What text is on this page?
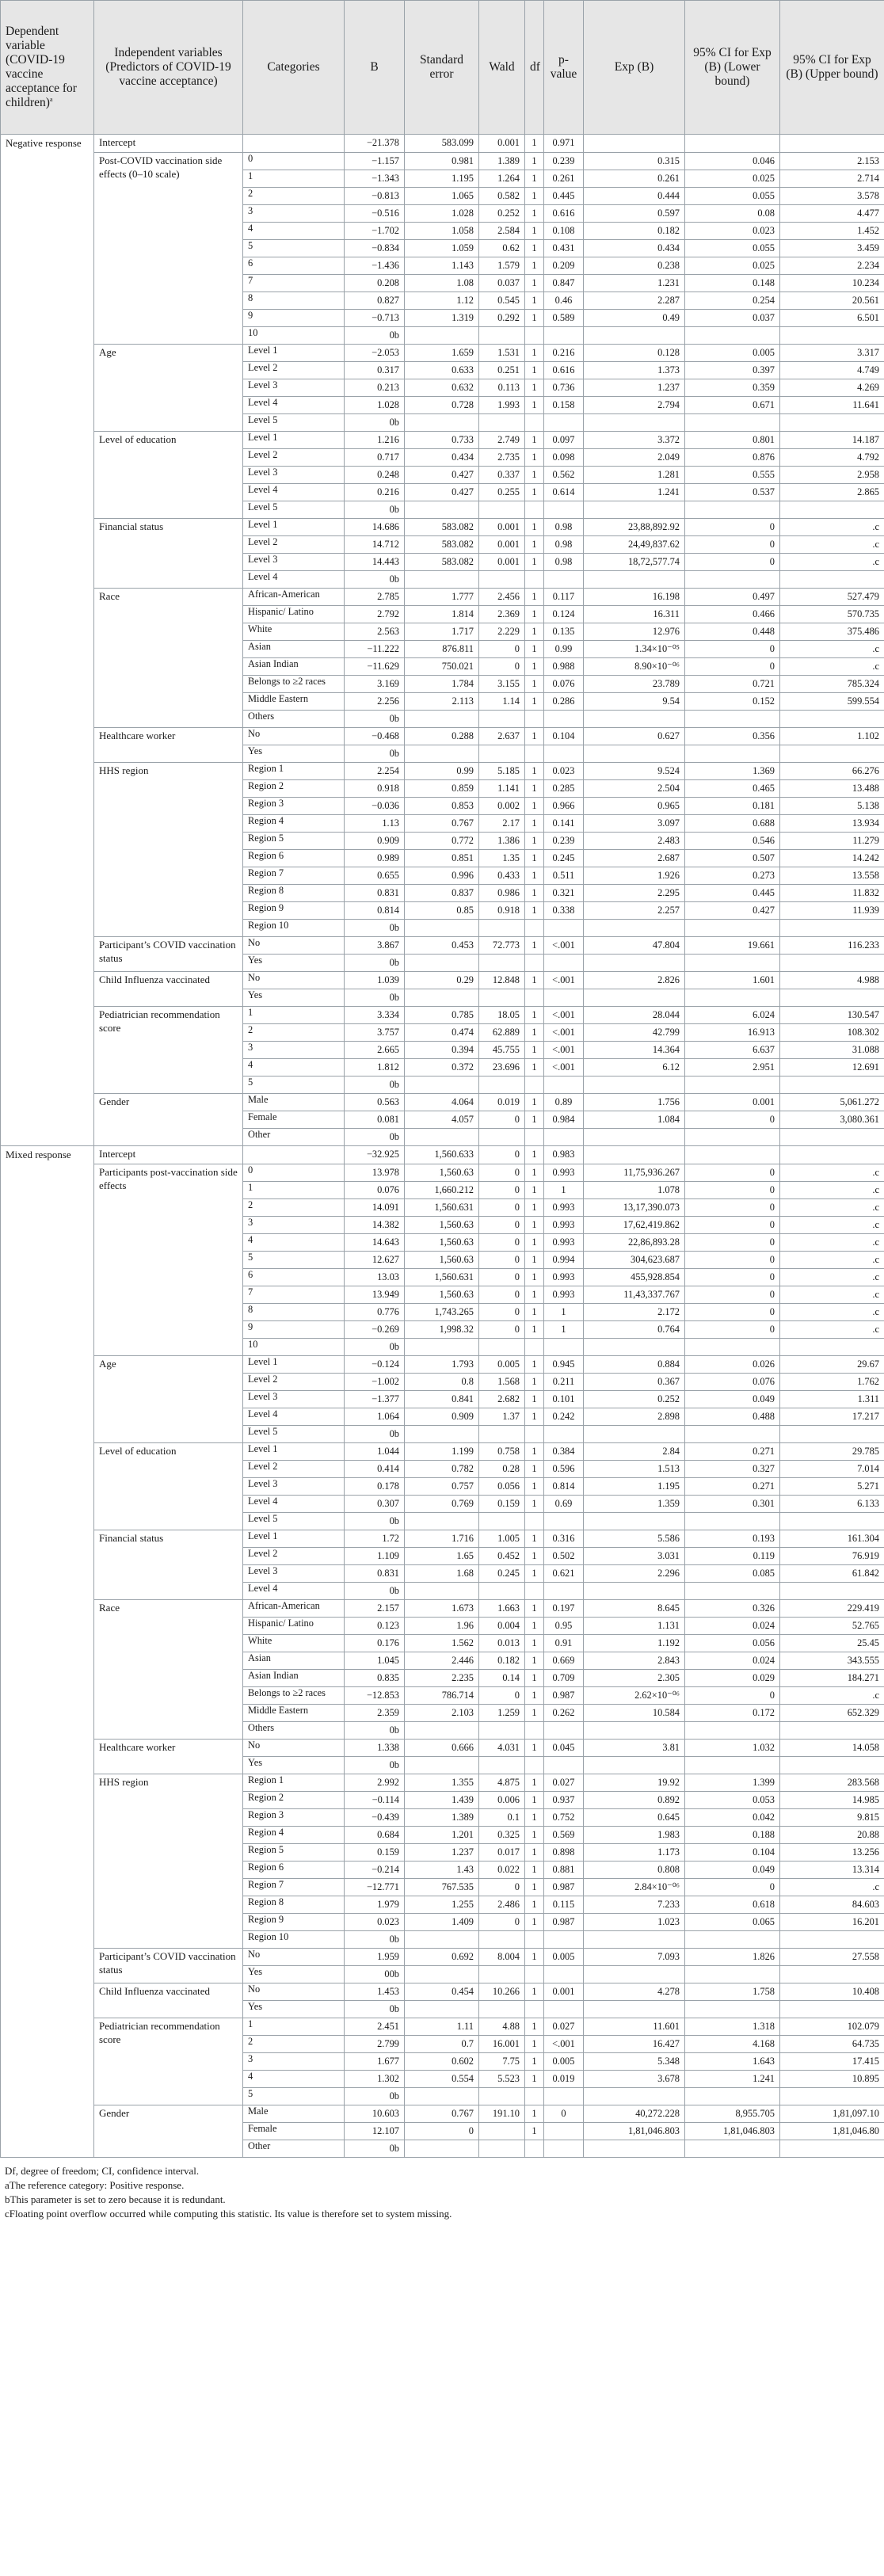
Dependent variable (COVID-19 vaccine acceptance for children)$^a$	Independent variables (Predictors of COVID-19 vaccine acceptance)	Categories	B	Standard error	Wald	df	p-value	Exp (B)	95% CI for Exp (B) (Lower bound)	95% CI for Exp (B) (Upper bound)
Negative response	Intercept		−21.378	583.099	0.001	1	0.971			
	Post-COVID vaccination side effects (0–10 scale)	0	−1.157	0.981	1.389	1	0.239	0.315	0.046	2.153
		1	−1.343	1.195	1.264	1	0.261	0.261	0.025	2.714
		2	−0.813	1.065	0.582	1	0.445	0.444	0.055	3.578
		3	−0.516	1.028	0.252	1	0.616	0.597	0.08	4.477
		4	−1.702	1.058	2.584	1	0.108	0.182	0.023	1.452
		5	−0.834	1.059	0.62	1	0.431	0.434	0.055	3.459
		6	−1.436	1.143	1.579	1	0.209	0.238	0.025	2.234
		7	0.208	1.08	0.037	1	0.847	1.231	0.148	10.234
		8	0.827	1.12	0.545	1	0.46	2.287	0.254	20.561
		9	−0.713	1.319	0.292	1	0.589	0.49	0.037	6.501
		10	0b							
	Age	Level 1	−2.053	1.659	1.531	1	0.216	0.128	0.005	3.317
		Level 2	0.317	0.633	0.251	1	0.616	1.373	0.397	4.749
		Level 3	0.213	0.632	0.113	1	0.736	1.237	0.359	4.269
		Level 4	1.028	0.728	1.993	1	0.158	2.794	0.671	11.641
		Level 5	0b							
	Level of education	Level 1	1.216	0.733	2.749	1	0.097	3.372	0.801	14.187
		Level 2	0.717	0.434	2.735	1	0.098	2.049	0.876	4.792
		Level 3	0.248	0.427	0.337	1	0.562	1.281	0.555	2.958
		Level 4	0.216	0.427	0.255	1	0.614	1.241	0.537	2.865
		Level 5	0b							
	Financial status	Level 1	14.686	583.082	0.001	1	0.98	23,88,892.92	0	.c
		Level 2	14.712	583.082	0.001	1	0.98	24,49,837.62	0	.c
		Level 3	14.443	583.082	0.001	1	0.98	18,72,577.74	0	.c
		Level 4	0b							
	Race	African-American	2.785	1.777	2.456	1	0.117	16.198	0.497	527.479
		Hispanic/ Latino	2.792	1.814	2.369	1	0.124	16.311	0.466	570.735
		White	2.563	1.717	2.229	1	0.135	12.976	0.448	375.486
		Asian	−11.222	876.811	0	1	0.99	1.34×10⁻⁰⁵	0	.c
		Asian Indian	−11.629	750.021	0	1	0.988	8.90×10⁻⁰⁶	0	.c
		Belongs to ≥2 races	3.169	1.784	3.155	1	0.076	23.789	0.721	785.324
		Middle Eastern	2.256	2.113	1.14	1	0.286	9.54	0.152	599.554
		Others	0b							
	Healthcare worker	No	−0.468	0.288	2.637	1	0.104	0.627	0.356	1.102
		Yes	0b							
	HHS region	Region 1	2.254	0.99	5.185	1	0.023	9.524	1.369	66.276
		Region 2	0.918	0.859	1.141	1	0.285	2.504	0.465	13.488
		Region 3	−0.036	0.853	0.002	1	0.966	0.965	0.181	5.138
		Region 4	1.13	0.767	2.17	1	0.141	3.097	0.688	13.934
		Region 5	0.909	0.772	1.386	1	0.239	2.483	0.546	11.279
		Region 6	0.989	0.851	1.35	1	0.245	2.687	0.507	14.242
		Region 7	0.655	0.996	0.433	1	0.511	1.926	0.273	13.558
		Region 8	0.831	0.837	0.986	1	0.321	2.295	0.445	11.832
		Region 9	0.814	0.85	0.918	1	0.338	2.257	0.427	11.939
		Region 10	0b							
	Participant’s COVID vaccination status	No	3.867	0.453	72.773	1	<.001	47.804	19.661	116.233
		Yes	0b							
	Child Influenza vaccinated	No	1.039	0.29	12.848	1	<.001	2.826	1.601	4.988
		Yes	0b							
	Pediatrician recommendation score	1	3.334	0.785	18.05	1	<.001	28.044	6.024	130.547
		2	3.757	0.474	62.889	1	<.001	42.799	16.913	108.302
		3	2.665	0.394	45.755	1	<.001	14.364	6.637	31.088
		4	1.812	0.372	23.696	1	<.001	6.12	2.951	12.691
		5	0b							
	Gender	Male	0.563	4.064	0.019	1	0.89	1.756	0.001	5,061.272
		Female	0.081	4.057	0	1	0.984	1.084	0	3,080.361
		Other	0b							
Mixed response	Intercept		−32.925	1,560.633	0	1	0.983			
	Participants post-vaccination side effects	0	13.978	1,560.63	0	1	0.993	11,75,936.267	0	.c
		1	0.076	1,660.212	0	1	1	1.078	0	.c
		2	14.091	1,560.631	0	1	0.993	13,17,390.073	0	.c
		3	14.382	1,560.63	0	1	0.993	17,62,419.862	0	.c
		4	14.643	1,560.63	0	1	0.993	22,86,893.28	0	.c
		5	12.627	1,560.63	0	1	0.994	304,623.687	0	.c
		6	13.03	1,560.631	0	1	0.993	455,928.854	0	.c
		7	13.949	1,560.63	0	1	0.993	11,43,337.767	0	.c
		8	0.776	1,743.265	0	1	1	2.172	0	.c
		9	−0.269	1,998.32	0	1	1	0.764	0	.c
		10	0b							
	Age	Level 1	−0.124	1.793	0.005	1	0.945	0.884	0.026	29.67
		Level 2	−1.002	0.8	1.568	1	0.211	0.367	0.076	1.762
		Level 3	−1.377	0.841	2.682	1	0.101	0.252	0.049	1.311
		Level 4	1.064	0.909	1.37	1	0.242	2.898	0.488	17.217
		Level 5	0b							
	Level of education	Level 1	1.044	1.199	0.758	1	0.384	2.84	0.271	29.785
		Level 2	0.414	0.782	0.28	1	0.596	1.513	0.327	7.014
		Level 3	0.178	0.757	0.056	1	0.814	1.195	0.271	5.271
		Level 4	0.307	0.769	0.159	1	0.69	1.359	0.301	6.133
		Level 5	0b							
	Financial status	Level 1	1.72	1.716	1.005	1	0.316	5.586	0.193	161.304
		Level 2	1.109	1.65	0.452	1	0.502	3.031	0.119	76.919
		Level 3	0.831	1.68	0.245	1	0.621	2.296	0.085	61.842
		Level 4	0b							
	Race	African-American	2.157	1.673	1.663	1	0.197	8.645	0.326	229.419
		Hispanic/ Latino	0.123	1.96	0.004	1	0.95	1.131	0.024	52.765
		White	0.176	1.562	0.013	1	0.91	1.192	0.056	25.45
		Asian	1.045	2.446	0.182	1	0.669	2.843	0.024	343.555
		Asian Indian	0.835	2.235	0.14	1	0.709	2.305	0.029	184.271
		Belongs to ≥2 races	−12.853	786.714	0	1	0.987	2.62×10⁻⁰⁶	0	.c
		Middle Eastern	2.359	2.103	1.259	1	0.262	10.584	0.172	652.329
		Others	0b							
	Healthcare worker	No	1.338	0.666	4.031	1	0.045	3.81	1.032	14.058
		Yes	0b							
	HHS region	Region 1	2.992	1.355	4.875	1	0.027	19.92	1.399	283.568
		Region 2	−0.114	1.439	0.006	1	0.937	0.892	0.053	14.985
		Region 3	−0.439	1.389	0.1	1	0.752	0.645	0.042	9.815
		Region 4	0.684	1.201	0.325	1	0.569	1.983	0.188	20.88
		Region 5	0.159	1.237	0.017	1	0.898	1.173	0.104	13.256
		Region 6	−0.214	1.43	0.022	1	0.881	0.808	0.049	13.314
		Region 7	−12.771	767.535	0	1	0.987	2.84×10⁻⁰⁶	0	.c
		Region 8	1.979	1.255	2.486	1	0.115	7.233	0.618	84.603
		Region 9	0.023	1.409	0	1	0.987	1.023	0.065	16.201
		Region 10	0b							
	Participant’s COVID vaccination status	No	1.959	0.692	8.004	1	0.005	7.093	1.826	27.558
		Yes	00b							
	Child Influenza vaccinated	No	1.453	0.454	10.266	1	0.001	4.278	1.758	10.408
		Yes	0b							
	Pediatrician recommendation score	1	2.451	1.11	4.88	1	0.027	11.601	1.318	102.079
		2	2.799	0.7	16.001	1	<.001	16.427	4.168	64.735
		3	1.677	0.602	7.75	1	0.005	5.348	1.643	17.415
		4	1.302	0.554	5.523	1	0.019	3.678	1.241	10.895
		5	0b							
	Gender	Male	10.603	0.767	191.10	1	0	40,272.228	8,955.705	1,81,097.10
		Female	12.107	0		1		1,81,046.803	1,81,046.803	1,81,046.80
		Other	0b							

Df, degree of freedom; CI, confidence interval.

aThe reference category: Positive response.

bThis parameter is set to zero because it is redundant.

cFloating point overflow occurred while computing this statistic. Its value is therefore set to system missing.
